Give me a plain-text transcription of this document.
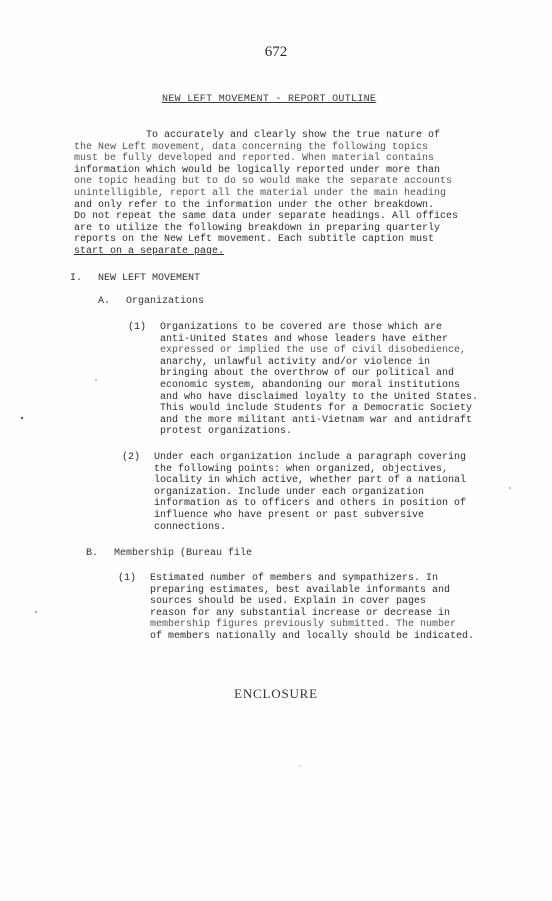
672
NEW LEFT MOVEMENT - REPORT OUTLINE
To accurately and clearly show the true nature of
the New Left movement, data concerning the following topics
must be fully developed and reported. When material contains
information which would be logically reported under more than
one topic heading but to do so would make the separate accounts
unintelligible, report all the material under the main heading
and only refer to the information under the other breakdown.
Do not repeat the same data under separate headings. All offices
are to utilize the following breakdown in preparing quarterly
reports on the New Left movement. Each subtitle caption must
start on a separate page.
I. NEW LEFT MOVEMENT
A. Organizations
(1) Organizations to be covered are those which are
anti-United States and whose leaders have either
expressed or implied the use of civil disobedience,
anarchy, unlawful activity and/or violence in
bringing about the overthrow of our political and
economic system, abandoning our moral institutions
and who have disclaimed loyalty to the United States.
This would include Students for a Democratic Society
and the more militant anti-Vietnam war and antidraft
protest organizations.
(2) Under each organization include a paragraph covering
the following points: when organized, objectives,
locality in which active, whether part of a national
organization. Include under each organization
information as to officers and others in position of
influence who have present or past subversive
connections.
B. Membership (Bureau file
(1) Estimated number of members and sympathizers. In
preparing estimates, best available informants and
sources should be used. Explain in cover pages
reason for any substantial increase or decrease in
membership figures previously submitted. The number
of members nationally and locally should be indicated.
ENCLOSURE
